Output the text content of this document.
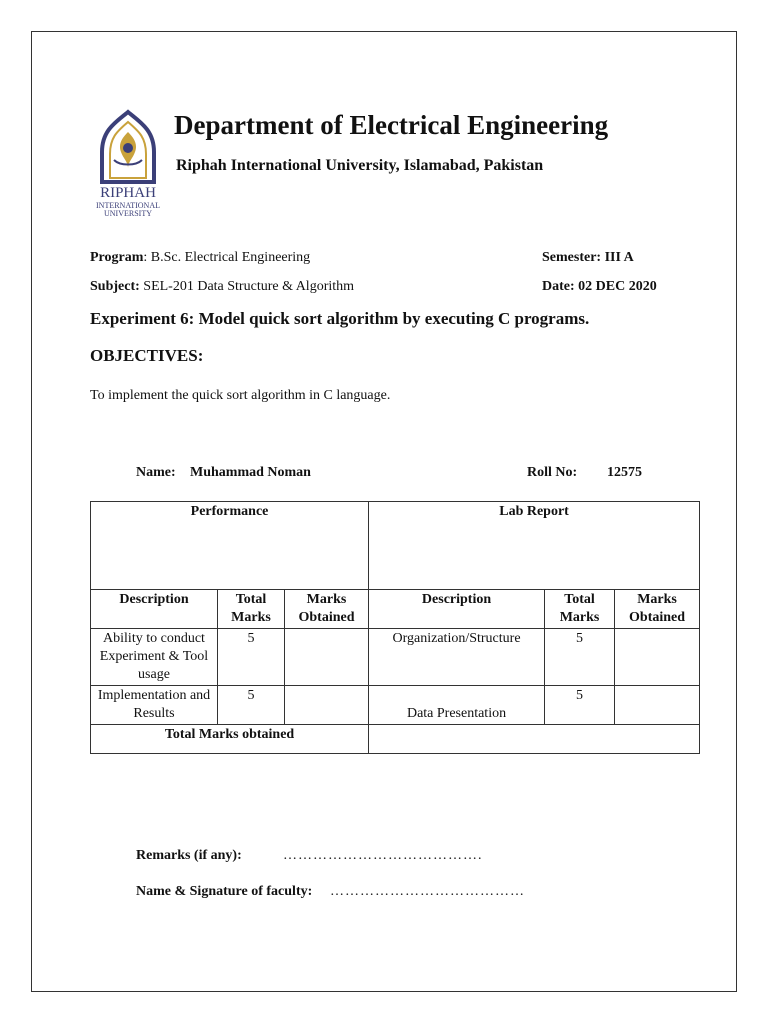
RIPHAH
INTERNATIONAL
UNIVERSITY
Department of Electrical Engineering
Riphah International University, Islamabad, Pakistan
Program: B.Sc. Electrical Engineering	Semester: III A
Subject: SEL-201 Data Structure & Algorithm	Date: 02 DEC 2020
Experiment 6: Model quick sort algorithm by executing C programs.
OBJECTIVES:
To implement the quick sort algorithm in C language.
Name: Muhammad Noman	Roll No: 12575
Performance			Lab Report		
Description	Total Marks	Marks Obtained	Description	Total Marks	Marks Obtained
Ability to conduct Experiment & Tool usage	5		Organization/Structure	5	
Implementation and Results	5		Data Presentation	5	
Total Marks obtained					
Remarks (if any):	………………………………….
Name & Signature of faculty: …………………………………
